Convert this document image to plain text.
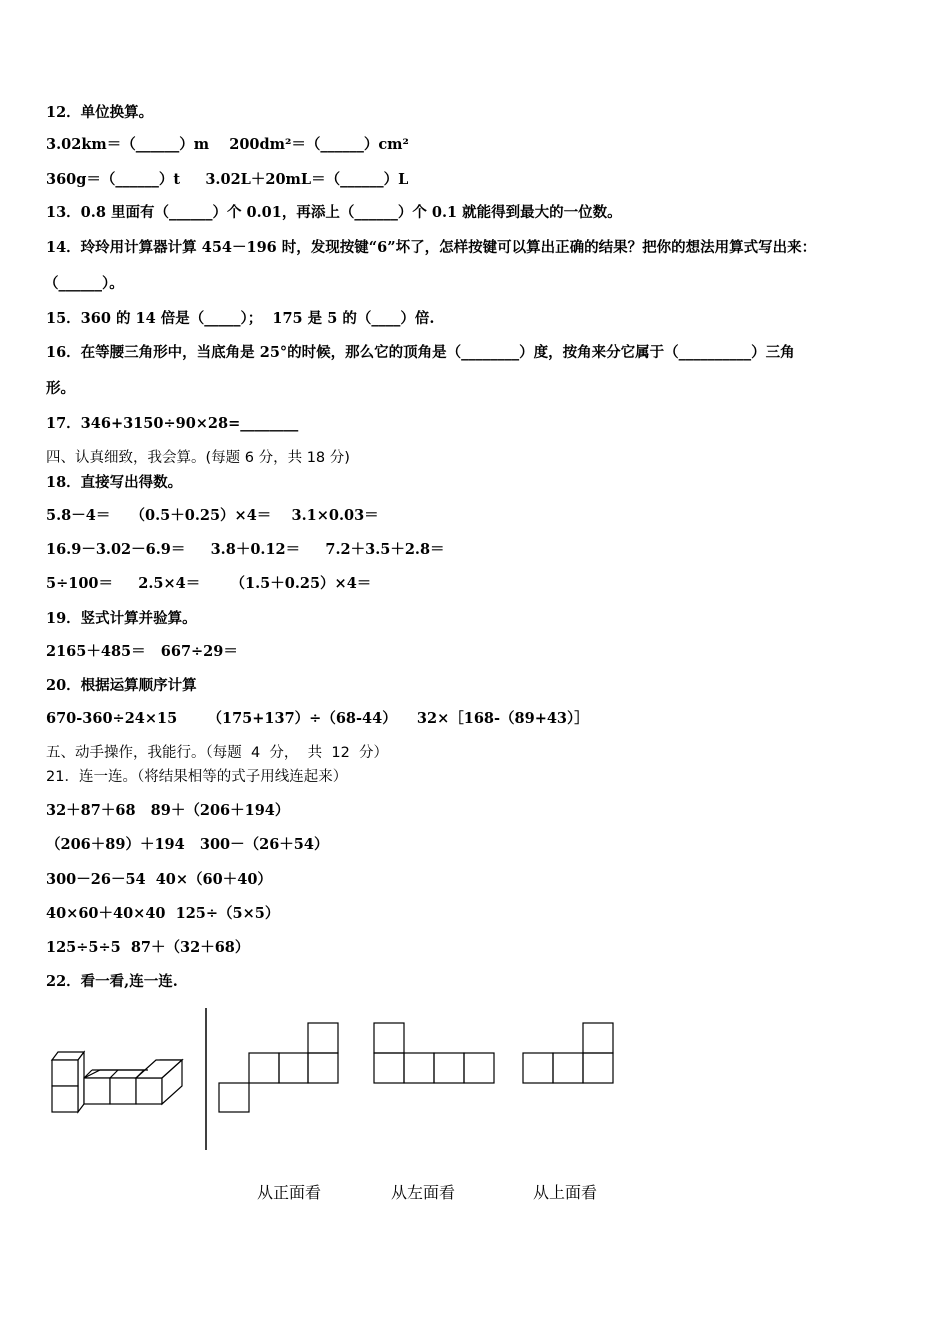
12．单位换算。
3.02km＝（______）m    200dm²＝（______）cm²
360g＝（______）t     3.02L＋20mL＝（______）L
13．0.8 里面有（______）个 0.01，再添上（______）个 0.1 就能得到最大的一位数。
14．玲玲用计算器计算 454－196 时，发现按键“6”坏了，怎样按键可以算出正确的结果？把你的想法用算式写出来：
（______）。
15．360 的 14 倍是（_____）；  175 是 5 的（____）倍.
16．在等腰三角形中，当底角是 25°的时候，那么它的顶角是（________）度，按角来分它属于（__________）三角
形。
17．346+3150÷90×28=________
四、认真细致，我会算。(每题 6 分，共 18 分)
18．直接写出得数。
5.8－4＝    （0.5＋0.25）×4＝    3.1×0.03＝
16.9－3.02－6.9＝     3.8＋0.12＝     7.2＋3.5＋2.8＝
5÷100＝     2.5×4＝      （1.5＋0.25）×4＝
19．竖式计算并验算。
2165＋485＝   667÷29＝
20．根据运算顺序计算
670-360÷24×15      （175+137）÷（68-44）    32×［168-（89+43）］
五、动手操作，我能行。（每题  4  分，  共  12  分）
21．连一连。（将结果相等的式子用线连起来）
32＋87＋68   89＋（206＋194）
（206＋89）＋194   300－（26＋54）
300－26－54  40×（60＋40）
40×60＋40×40  125÷（5×5）
125÷5÷5  87＋（32＋68）
22．看一看,连一连.
从正面看	从左面看	从上面看
